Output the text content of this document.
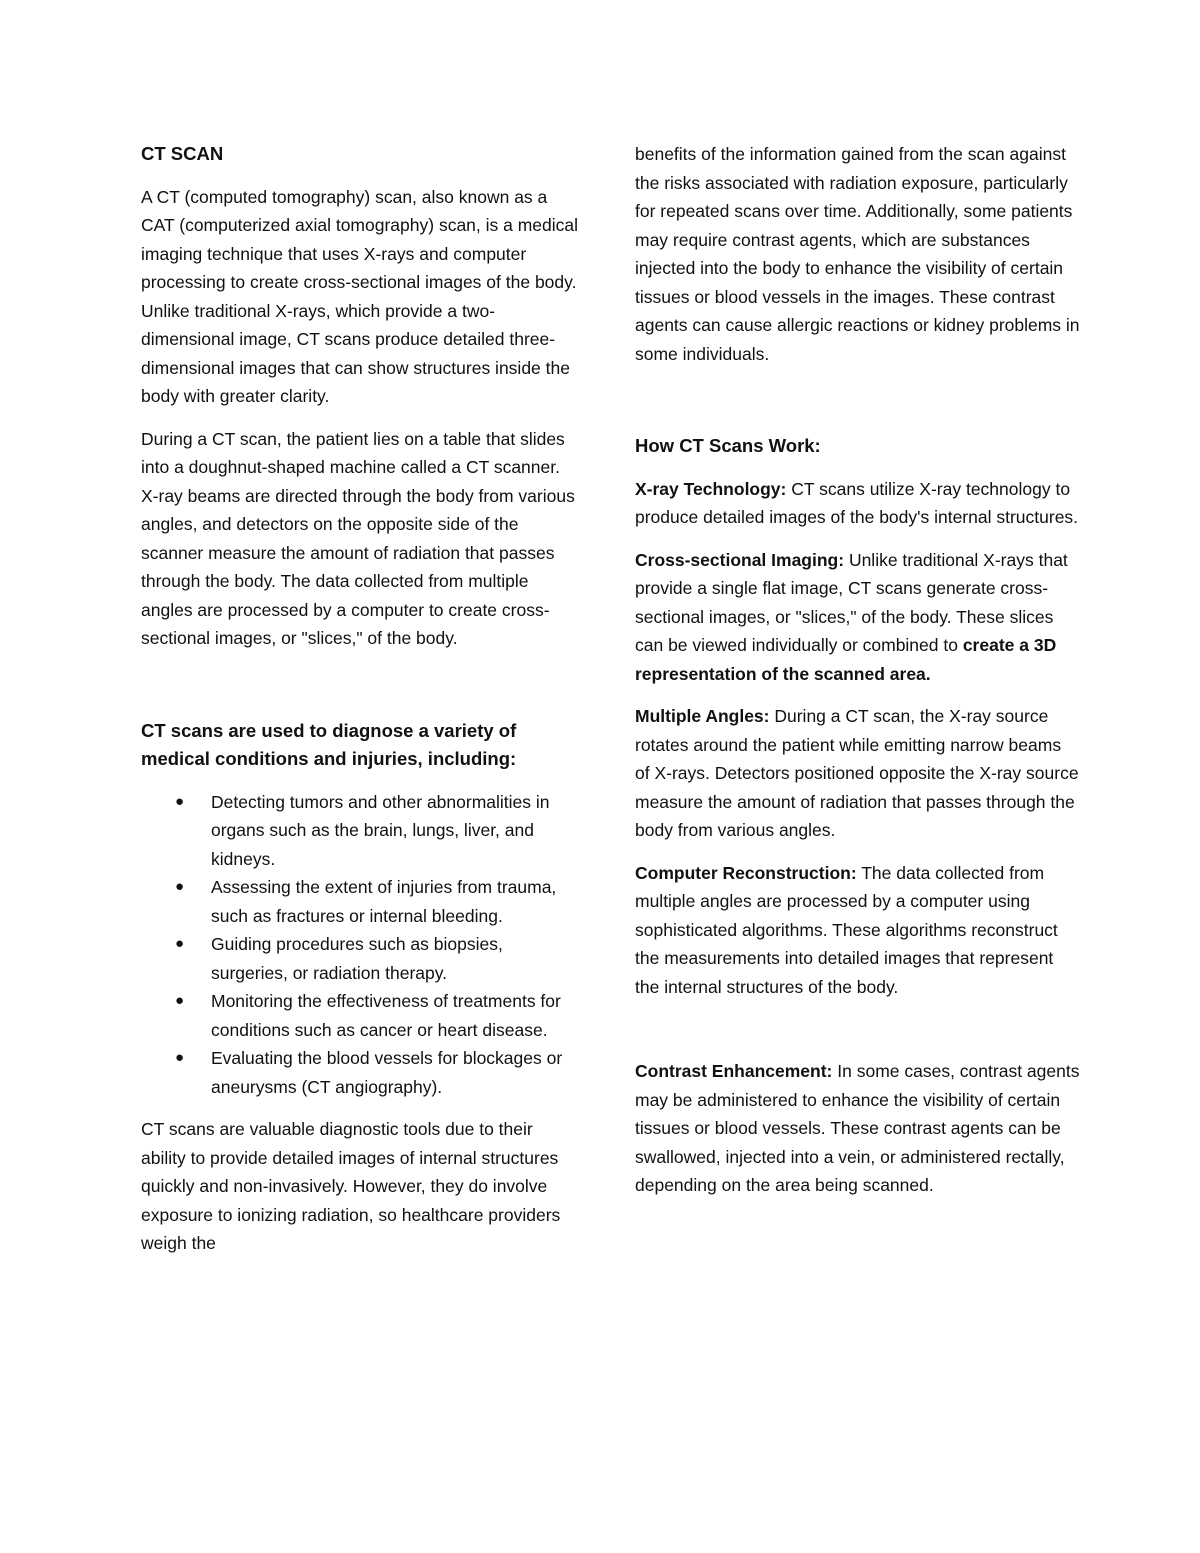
CT SCAN

A CT (computed tomography) scan, also known as a CAT (computerized axial tomography) scan, is a medical imaging technique that uses X-rays and computer processing to create cross-sectional images of the body. Unlike traditional X-rays, which provide a two-dimensional image, CT scans produce detailed three-dimensional images that can show structures inside the body with greater clarity.

During a CT scan, the patient lies on a table that slides into a doughnut-shaped machine called a CT scanner. X-ray beams are directed through the body from various angles, and detectors on the opposite side of the scanner measure the amount of radiation that passes through the body. The data collected from multiple angles are processed by a computer to create cross-sectional images, or "slices," of the body.

CT scans are used to diagnose a variety of medical conditions and injuries, including:

● Detecting tumors and other abnormalities in organs such as the brain, lungs, liver, and kidneys.
● Assessing the extent of injuries from trauma, such as fractures or internal bleeding.
● Guiding procedures such as biopsies, surgeries, or radiation therapy.
● Monitoring the effectiveness of treatments for conditions such as cancer or heart disease.
● Evaluating the blood vessels for blockages or aneurysms (CT angiography).

CT scans are valuable diagnostic tools due to their ability to provide detailed images of internal structures quickly and non-invasively. However, they do involve exposure to ionizing radiation, so healthcare providers weigh the

benefits of the information gained from the scan against the risks associated with radiation exposure, particularly for repeated scans over time. Additionally, some patients may require contrast agents, which are substances injected into the body to enhance the visibility of certain tissues or blood vessels in the images. These contrast agents can cause allergic reactions or kidney problems in some individuals.

How CT Scans Work:

X-ray Technology: CT scans utilize X-ray technology to produce detailed images of the body's internal structures.

Cross-sectional Imaging: Unlike traditional X-rays that provide a single flat image, CT scans generate cross-sectional images, or "slices," of the body. These slices can be viewed individually or combined to create a 3D representation of the scanned area.

Multiple Angles: During a CT scan, the X-ray source rotates around the patient while emitting narrow beams of X-rays. Detectors positioned opposite the X-ray source measure the amount of radiation that passes through the body from various angles.

Computer Reconstruction: The data collected from multiple angles are processed by a computer using sophisticated algorithms. These algorithms reconstruct the measurements into detailed images that represent the internal structures of the body.

Contrast Enhancement: In some cases, contrast agents may be administered to enhance the visibility of certain tissues or blood vessels. These contrast agents can be swallowed, injected into a vein, or administered rectally, depending on the area being scanned.
